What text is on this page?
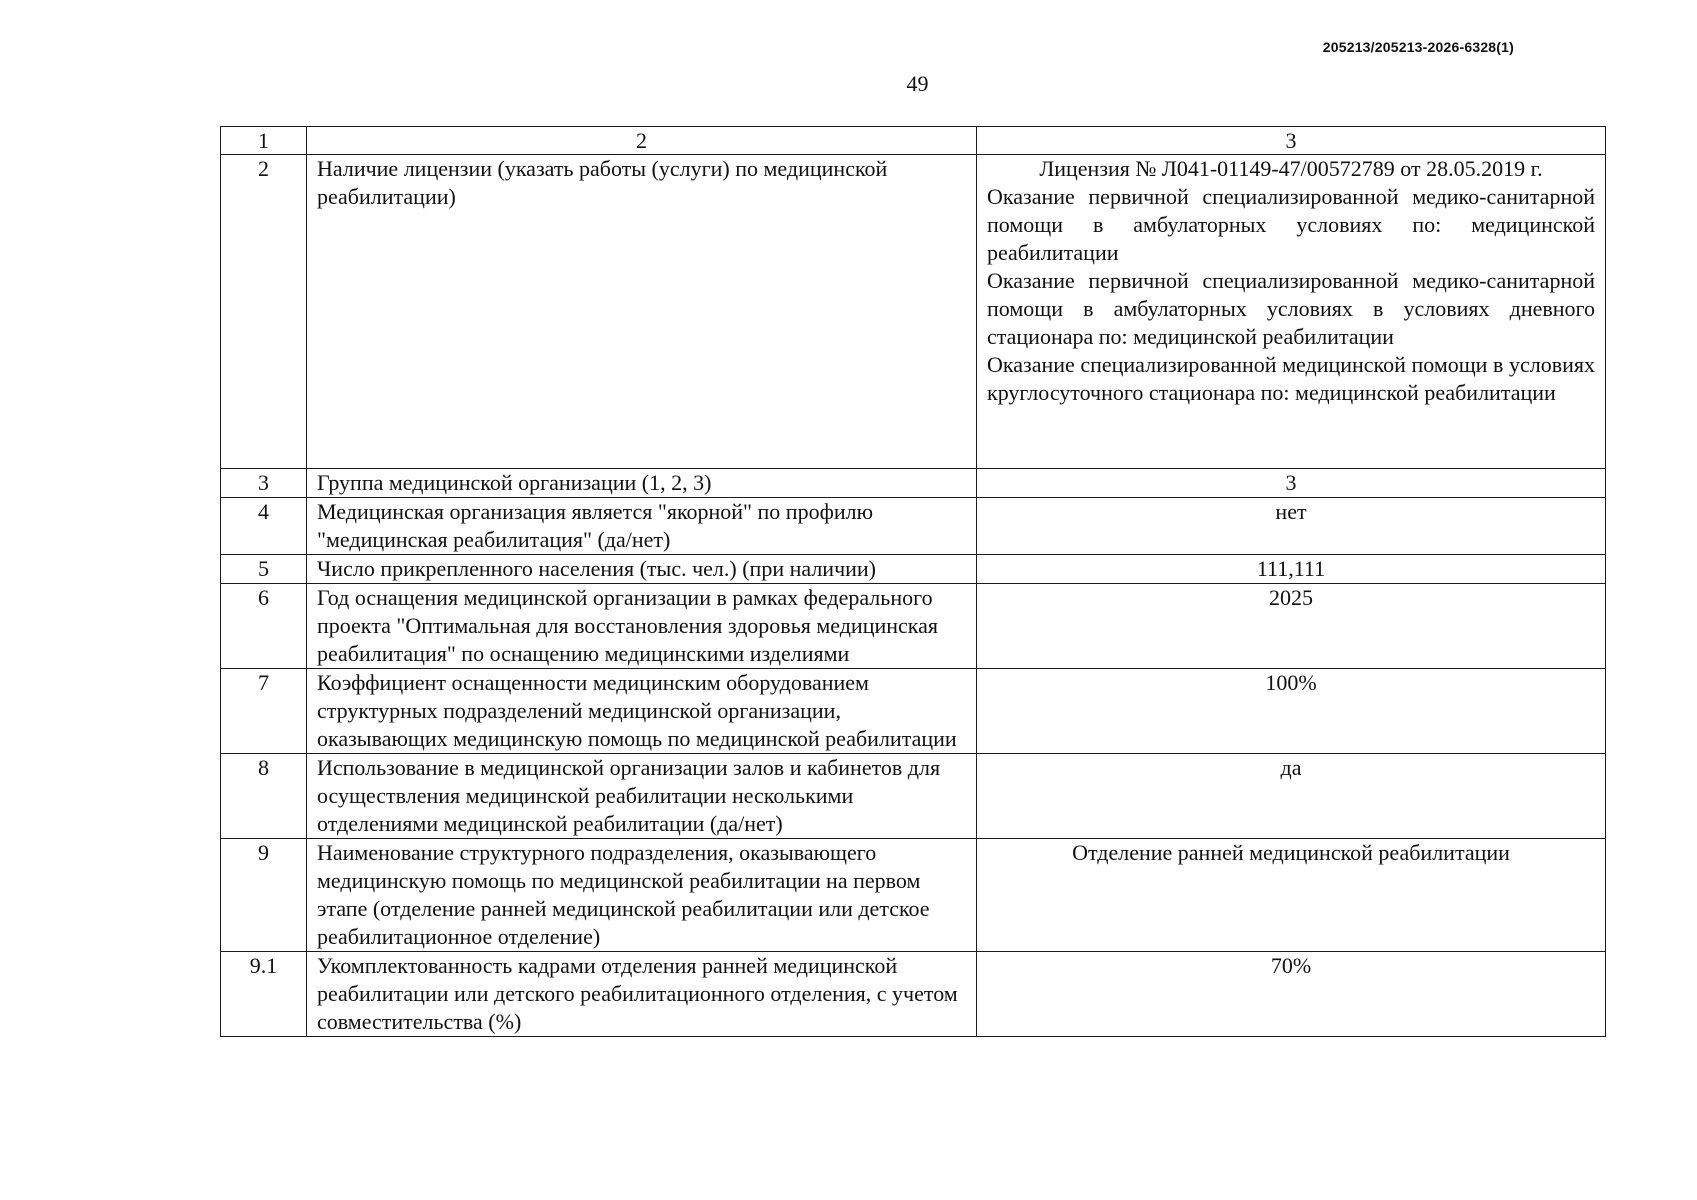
205213/205213-2026-6328(1)
49
1	2	3
2	Наличие лицензии (указать работы (услуги) по медицинской реабилитации)	Лицензия № Л041-01149-47/00572789 от 28.05.2019 г.
Оказание первичной специализированной медико-санитарной помощи в амбулаторных условиях по: медицинской реабилитации
Оказание первичной специализированной медико-санитарной помощи в амбулаторных условиях в условиях дневного стационара по: медицинской реабилитации
Оказание специализированной медицинской помощи в условиях круглосуточного стационара по: медицинской реабилитации

3	Группа медицинской организации (1, 2, 3)	3
4	Медицинская организация является "якорной" по профилю "медицинская реабилитация" (да/нет)	нет
5	Число прикрепленного населения (тыс. чел.) (при наличии)	111,111
6	Год оснащения медицинской организации в рамках федерального проекта "Оптимальная для восстановления здоровья медицинская реабилитация" по оснащению медицинскими изделиями	2025
7	Коэффициент оснащенности медицинским оборудованием структурных подразделений медицинской организации, оказывающих медицинскую помощь по медицинской реабилитации	100%
8	Использование в медицинской организации залов и кабинетов для осуществления медицинской реабилитации несколькими отделениями медицинской реабилитации (да/нет)	да
9	Наименование структурного подразделения, оказывающего медицинскую помощь по медицинской реабилитации на первом этапе (отделение ранней медицинской реабилитации или детское реабилитационное отделение)	Отделение ранней медицинской реабилитации
9.1	Укомплектованность кадрами отделения ранней медицинской реабилитации или детского реабилитационного отделения, с учетом совместительства (%)	70%
